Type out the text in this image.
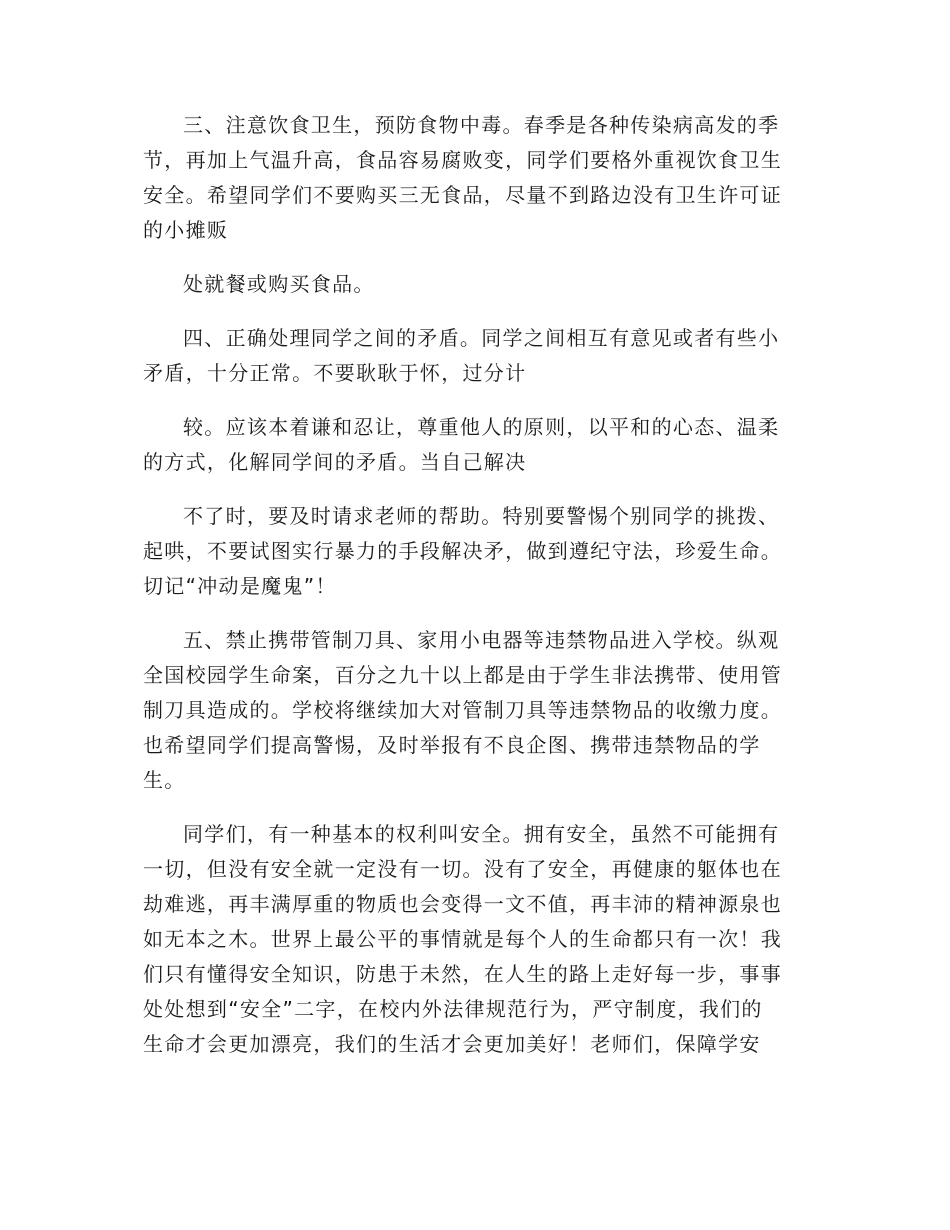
三、注意饮食卫生，预防食物中毒。春季是各种传染病高发的季
节，再加上气温升高，食品容易腐败变，同学们要格外重视饮食卫生
安全。希望同学们不要购买三无食品，尽量不到路边没有卫生许可证
的小摊贩

处就餐或购买食品。

四、正确处理同学之间的矛盾。同学之间相互有意见或者有些小
矛盾，十分正常。不要耿耿于怀，过分计

较。应该本着谦和忍让，尊重他人的原则，以平和的心态、温柔
的方式，化解同学间的矛盾。当自己解决

不了时，要及时请求老师的帮助。特别要警惕个别同学的挑拨、
起哄，不要试图实行暴力的手段解决矛，做到遵纪守法，珍爱生命。
切记“冲动是魔鬼”！

五、禁止携带管制刀具、家用小电器等违禁物品进入学校。纵观
全国校园学生命案，百分之九十以上都是由于学生非法携带、使用管
制刀具造成的。学校将继续加大对管制刀具等违禁物品的收缴力度。
也希望同学们提高警惕，及时举报有不良企图、携带违禁物品的学
生。

同学们，有一种基本的权利叫安全。拥有安全，虽然不可能拥有
一切，但没有安全就一定没有一切。没有了安全，再健康的躯体也在
劫难逃，再丰满厚重的物质也会变得一文不值，再丰沛的精神源泉也
如无本之木。世界上最公平的事情就是每个人的生命都只有一次！我
们只有懂得安全知识，防患于未然，在人生的路上走好每一步，事事
处处想到“安全”二字，在校内外法律规范行为，严守制度，我们的
生命才会更加漂亮，我们的生活才会更加美好！老师们，保障学安
